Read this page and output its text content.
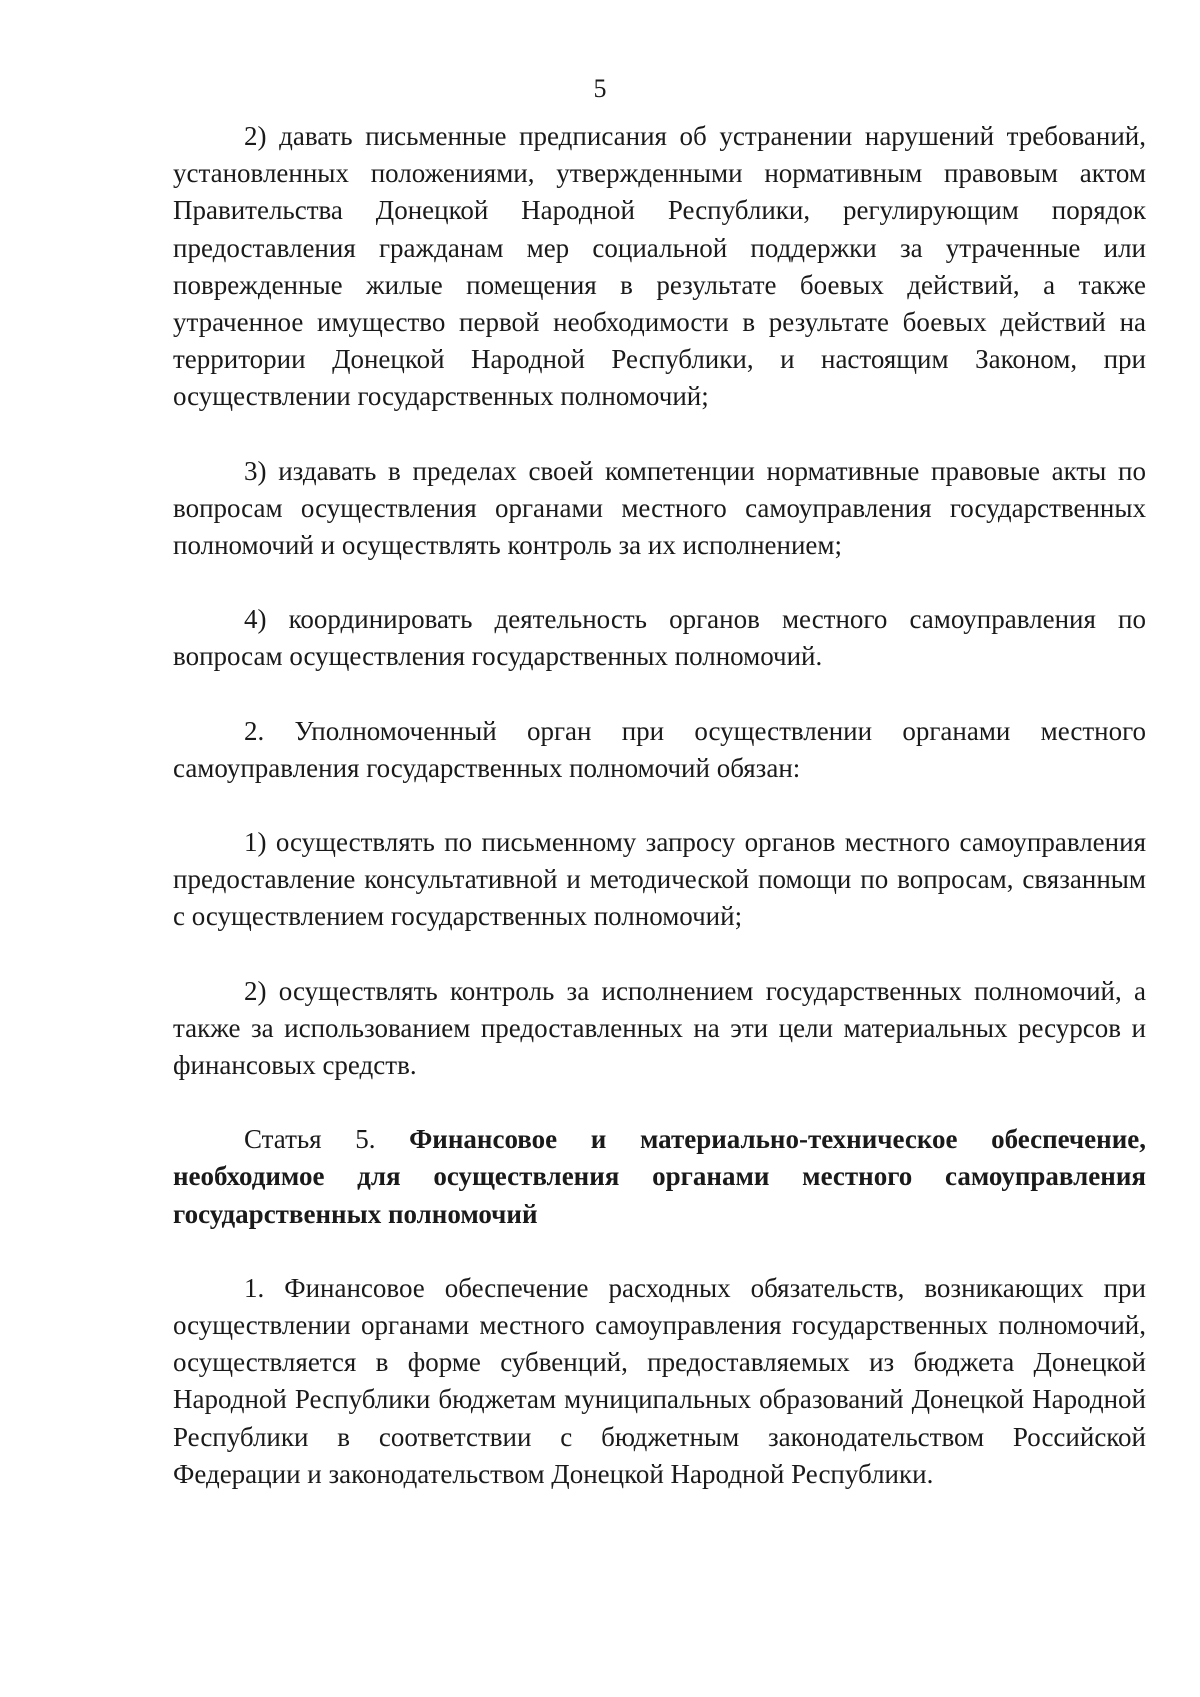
5

2) давать письменные предписания об устранении нарушений требований, установленных положениями, утвержденными нормативным правовым актом Правительства Донецкой Народной Республики, регулирующим порядок предоставления гражданам мер социальной поддержки за утраченные или поврежденные жилые помещения в результате боевых действий, а также утраченное имущество первой необходимости в результате боевых действий на территории Донецкой Народной Республики, и настоящим Законом, при осуществлении государственных полномочий;

3) издавать в пределах своей компетенции нормативные правовые акты по вопросам осуществления органами местного самоуправления государственных полномочий и осуществлять контроль за их исполнением;

4) координировать деятельность органов местного самоуправления по вопросам осуществления государственных полномочий.

2. Уполномоченный орган при осуществлении органами местного самоуправления государственных полномочий обязан:

1) осуществлять по письменному запросу органов местного самоуправления предоставление консультативной и методической помощи по вопросам, связанным с осуществлением государственных полномочий;

2) осуществлять контроль за исполнением государственных полномочий, а также за использованием предоставленных на эти цели материальных ресурсов и финансовых средств.

Статья 5. Финансовое и материально-техническое обеспечение, необходимое для осуществления органами местного самоуправления государственных полномочий

1. Финансовое обеспечение расходных обязательств, возникающих при осуществлении органами местного самоуправления государственных полномочий, осуществляется в форме субвенций, предоставляемых из бюджета Донецкой Народной Республики бюджетам муниципальных образований Донецкой Народной Республики в соответствии с бюджетным законодательством Российской Федерации и законодательством Донецкой Народной Республики.
